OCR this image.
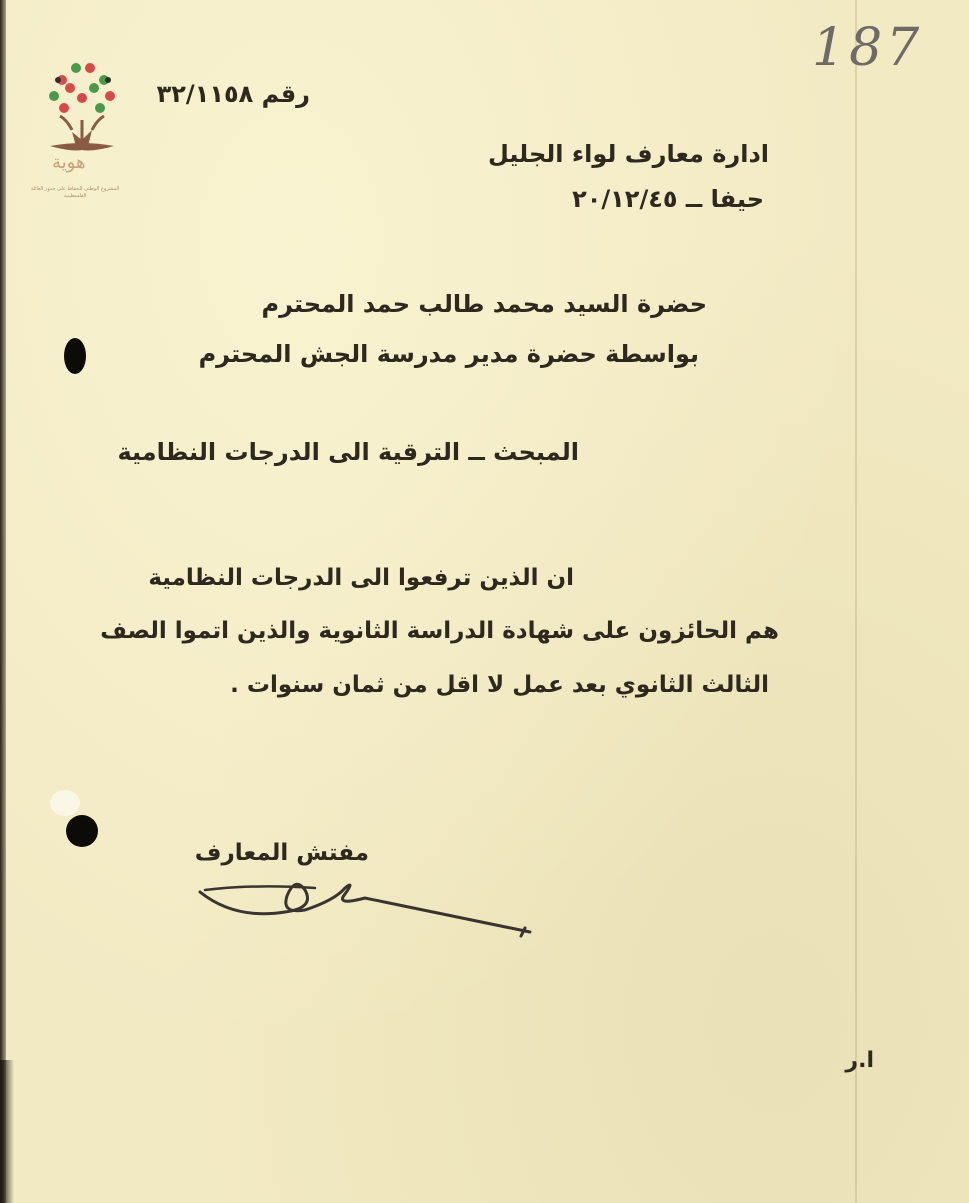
187
هوية
المشروع الوطني للحفاظ على جذور العائلة الفلسطينية
رقم ۳۲/۱۱٥۸
ادارة معارف لواء الجليل
حيفا ــ ۲۰/۱۲/٤٥
حضرة السيد محمد طالب حمد المحترم
بواسطة حضرة مدير مدرسة الجش المحترم
المبحث ــ الترقية الى الدرجات النظامية
ان الذين ترفعوا الى الدرجات النظامية
هم الحائزون على شهادة الدراسة الثانوية والذين اتموا الصف
الثالث الثانوي بعد عمل لا اقل من ثمان سنوات .
مفتش المعارف
ا.ر
